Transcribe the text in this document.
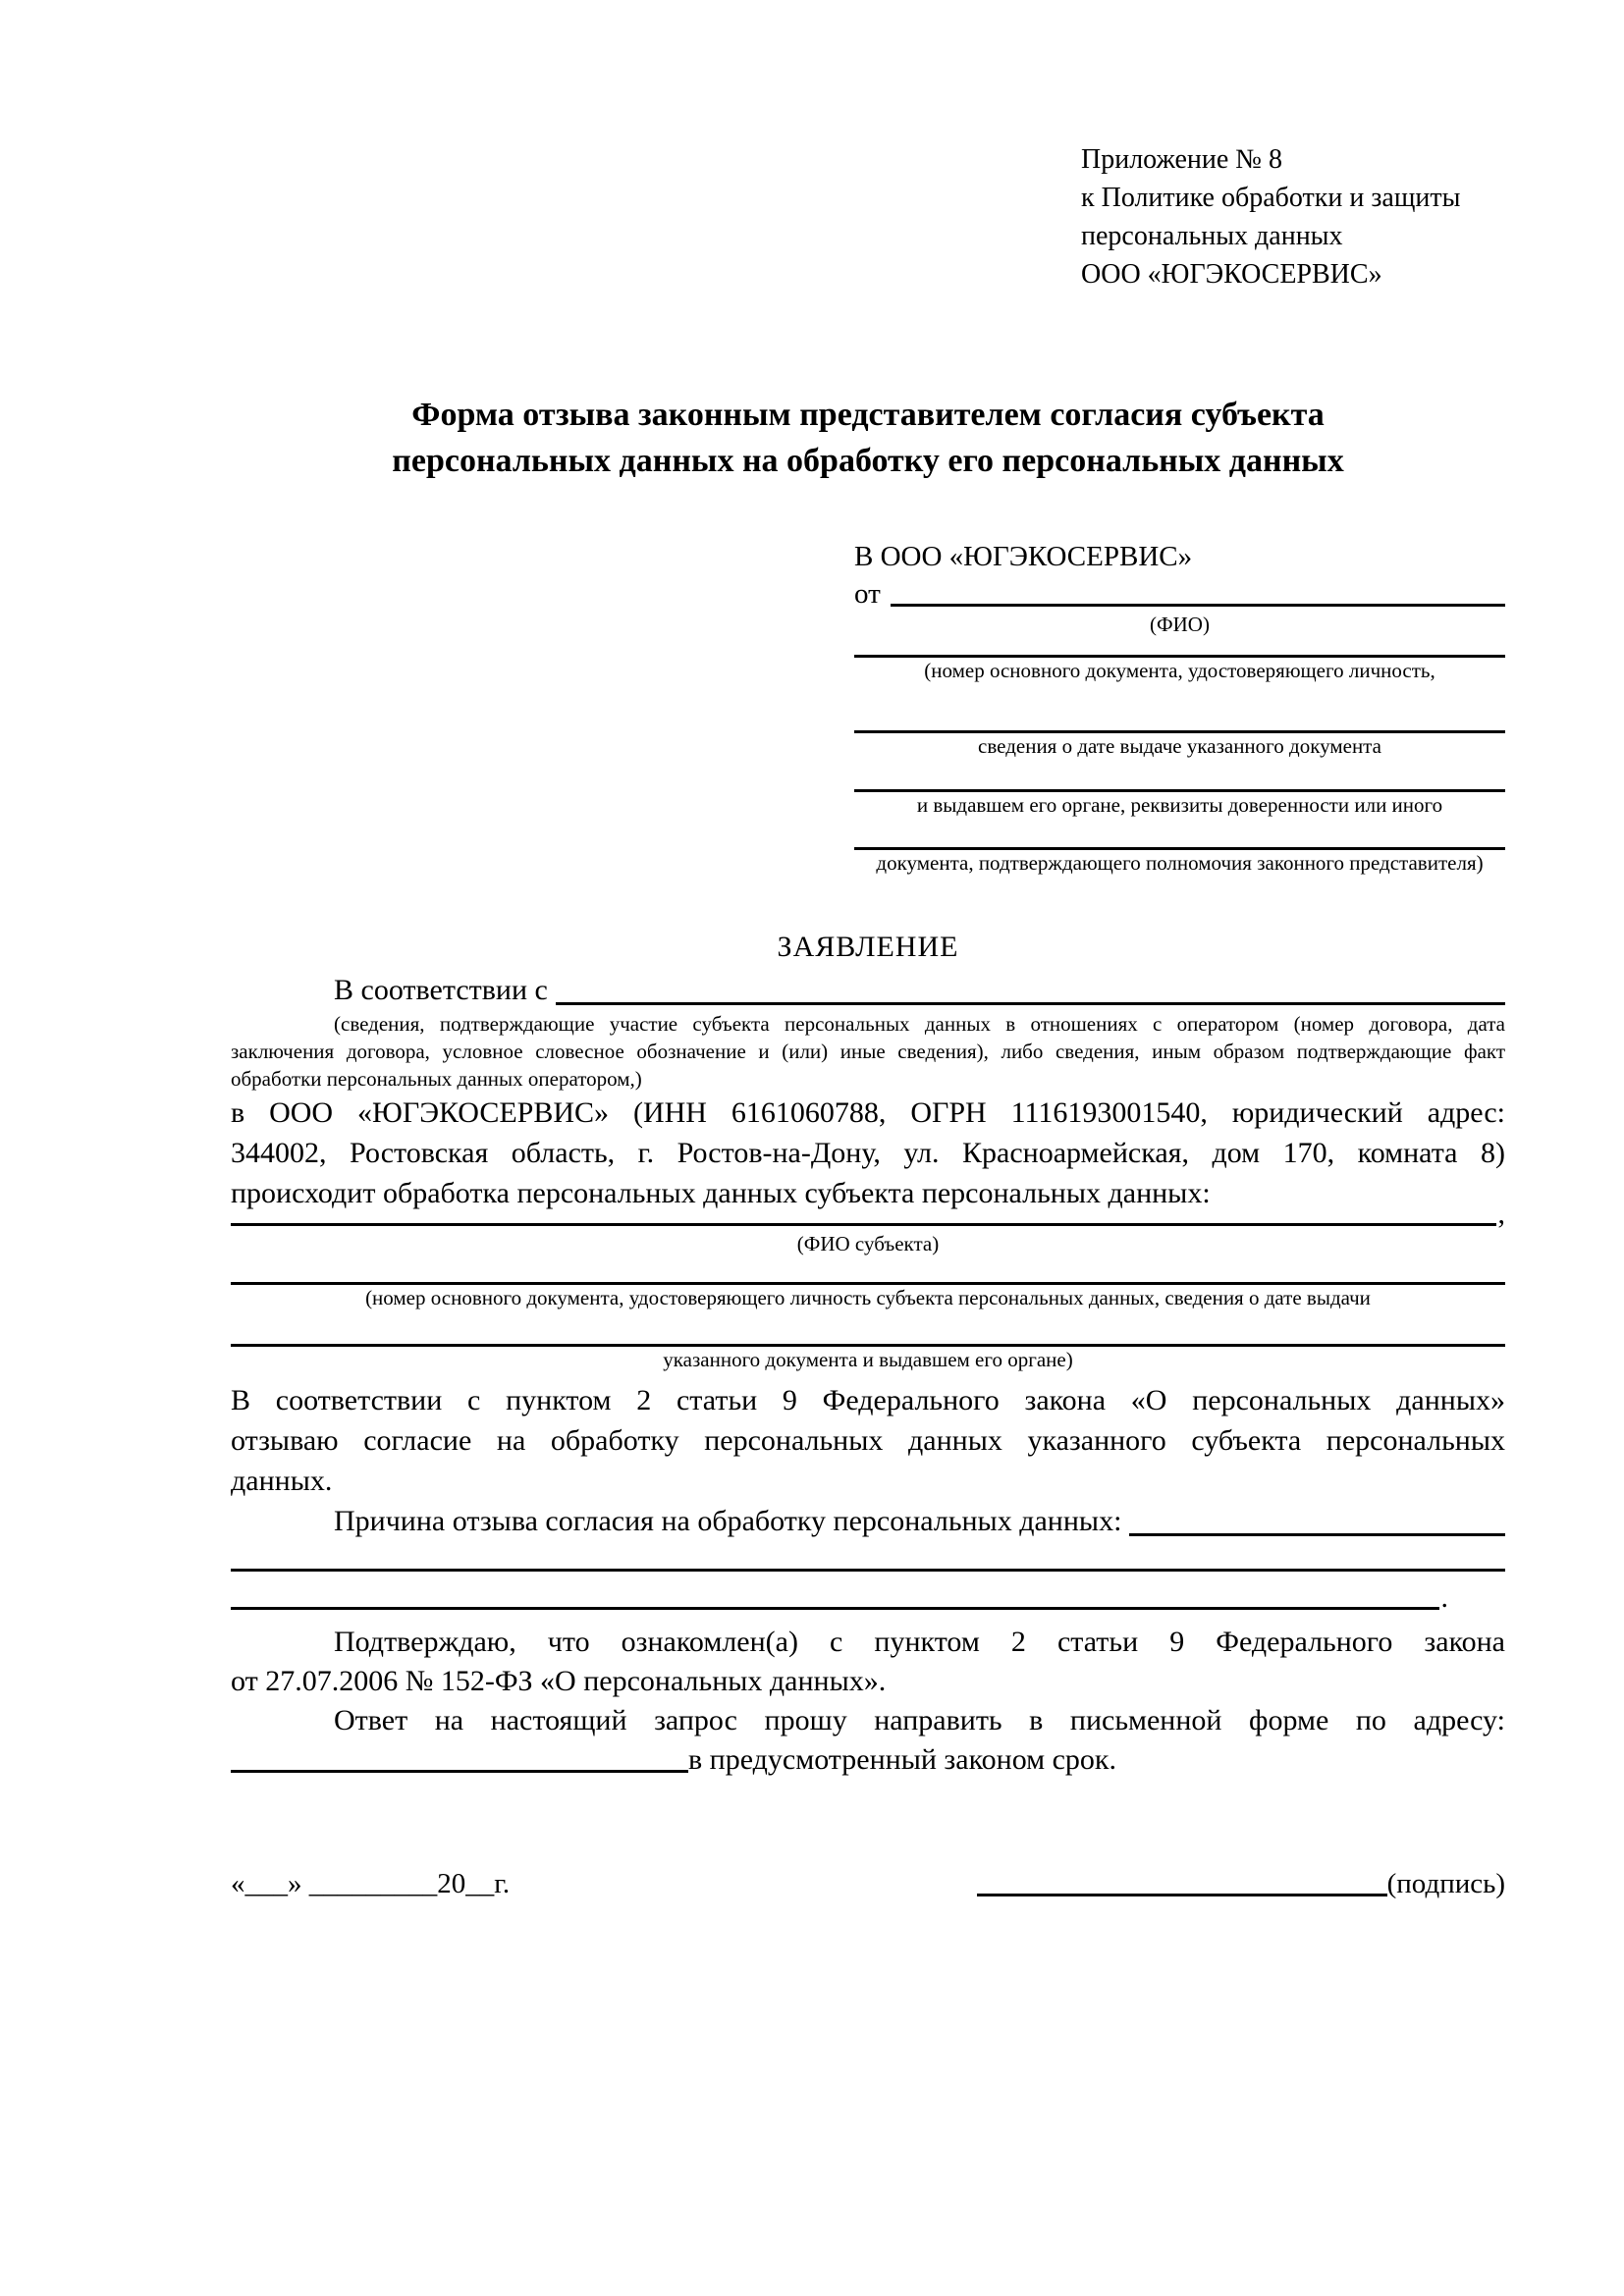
Приложение № 8
к Политике обработки и защиты
персональных данных
ООО «ЮГЭКОСЕРВИС»
Форма отзыва законным представителем согласия субъекта
персональных данных на обработку его персональных данных
В ООО «ЮГЭКОСЕРВИС»
от
(ФИО)
(номер основного документа, удостоверяющего личность,
сведения о дате выдаче указанного документа
и выдавшем его органе, реквизиты доверенности или иного
документа, подтверждающего полномочия законного представителя)
ЗАЯВЛЕНИЕ
В соответствии с
(сведения, подтверждающие участие субъекта персональных данных в отношениях с оператором (номер договора, дата
заключения договора, условное словесное обозначение и (или) иные сведения), либо сведения, иным образом подтверждающие факт
обработки персональных данных оператором,)
в ООО «ЮГЭКОСЕРВИС» (ИНН 6161060788, ОГРН 1116193001540, юридический адрес:
344002, Ростовская область, г. Ростов-на-Дону, ул. Красноармейская, дом 170, комната 8)
происходит обработка персональных данных субъекта персональных данных:
,
(ФИО субъекта)
(номер основного документа, удостоверяющего личность субъекта персональных данных, сведения о дате выдачи
указанного документа и выдавшем его органе)
В соответствии с пунктом 2 статьи 9 Федерального закона «О персональных данных»
отзываю согласие на обработку персональных данных указанного субъекта персональных
данных.
Причина отзыва согласия на обработку персональных данных:
.
Подтверждаю, что ознакомлен(а) с пунктом 2 статьи 9 Федерального закона
от 27.07.2006 № 152-ФЗ «О персональных данных».
Ответ на настоящий запрос прошу направить в письменной форме по адресу:
в предусмотренный законом срок.
«___» _________20__г.	(подпись)
